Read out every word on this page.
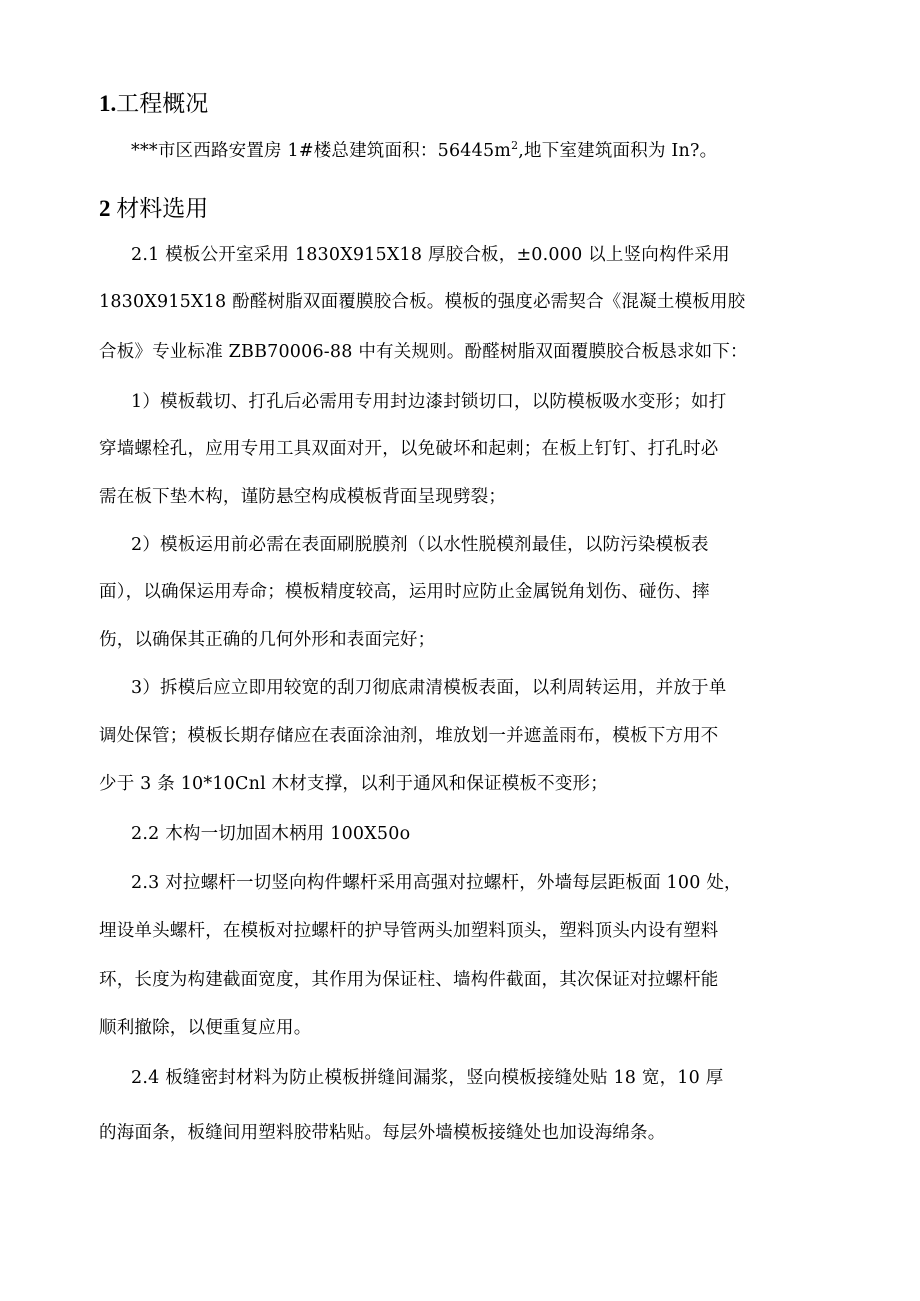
1.工程概况
***市区西路安置房 1#楼总建筑面积：$56445m^2$,地下室建筑面积为 In?。
2 材料选用
2.1 模板公开室采用 1830X915X18 厚胶合板，±0.000 以上竖向构件采用
1830X915X18 酚醛树脂双面覆膜胶合板。模板的强度必需契合《混凝土模板用胶
合板》专业标准 ZBB70006-88 中有关规则。酚醛树脂双面覆膜胶合板恳求如下：
1）模板载切、打孔后必需用专用封边漆封锁切口，以防模板吸水变形；如打
穿墙螺栓孔，应用专用工具双面对开，以免破坏和起刺；在板上钉钉、打孔时必
需在板下垫木构，谨防悬空构成模板背面呈现劈裂；
2）模板运用前必需在表面刷脱膜剂（以水性脱模剂最佳，以防污染模板表
面），以确保运用寿命；模板精度较高，运用时应防止金属锐角划伤、碰伤、摔
伤，以确保其正确的几何外形和表面完好；
3）拆模后应立即用较宽的刮刀彻底肃清模板表面，以利周转运用，并放于单
调处保管；模板长期存储应在表面涂油剂，堆放划一并遮盖雨布，模板下方用不
少于 3 条 10*10Cnl 木材支撑，以利于通风和保证模板不变形；
2.2 木构一切加固木柄用 100X50o
2.3 对拉螺杆一切竖向构件螺杆采用高强对拉螺杆，外墙每层距板面 100 处，
埋设单头螺杆，在模板对拉螺杆的护导管两头加塑料顶头，塑料顶头内设有塑料
环，长度为构建截面宽度，其作用为保证柱、墙构件截面，其次保证对拉螺杆能
顺利撤除，以便重复应用。
2.4 板缝密封材料为防止模板拼缝间漏浆，竖向模板接缝处贴 18 宽，10 厚
的海面条，板缝间用塑料胶带粘贴。每层外墙模板接缝处也加设海绵条。
